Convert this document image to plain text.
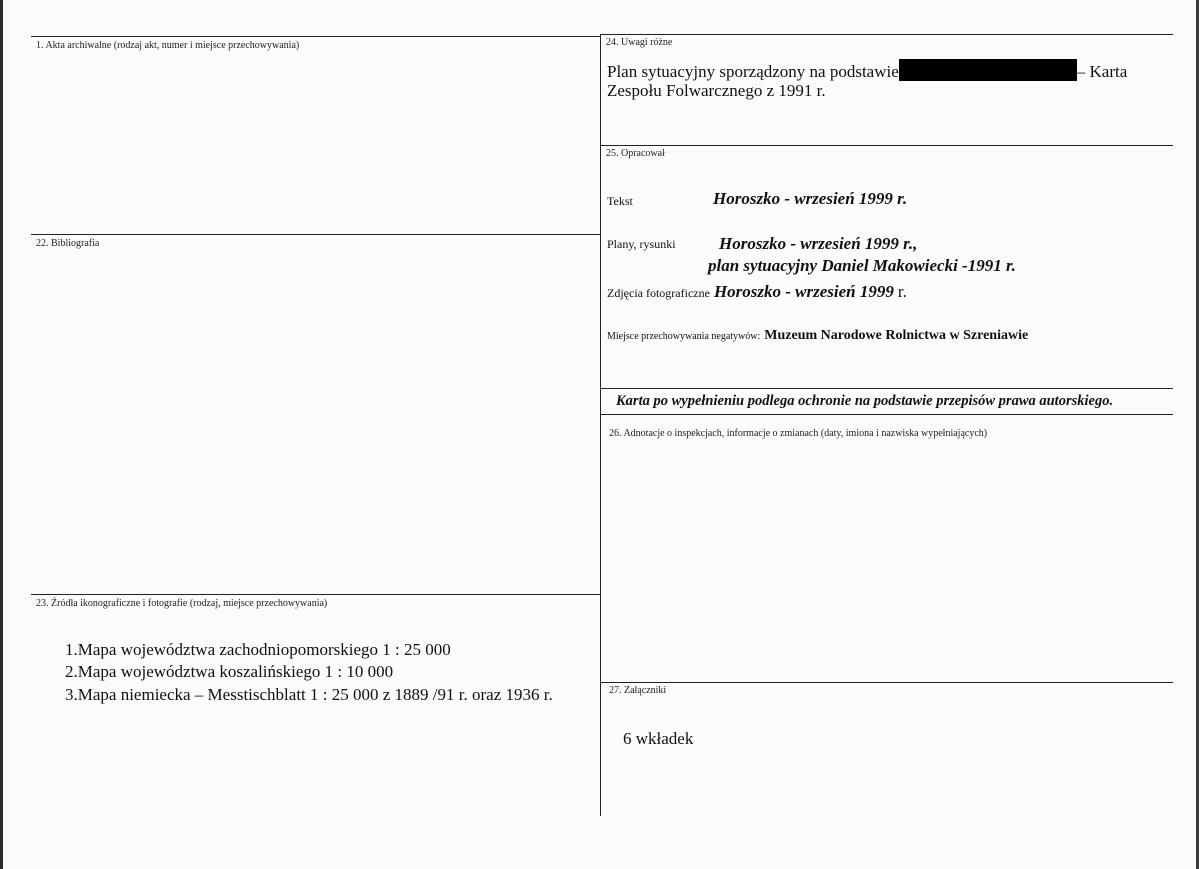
1. Akta archiwalne (rodzaj akt, numer i miejsce przechowywania)
22. Bibliografia
23. Źródła ikonograficzne i fotografie (rodzaj, miejsce przechowywania)
1.Mapa województwa zachodniopomorskiego 1 : 25 000
2.Mapa województwa koszalińskiego 1 : 10 000
3.Mapa niemiecka – Messtischblatt 1 : 25 000 z 1889 /91 r. oraz 1936 r.
24. Uwagi różne
Plan sytuacyjny sporządzony na podstawie	– Karta
Zespołu Folwarcznego z 1991 r.
25. Opracował
Tekst	Horoszko - wrzesień 1999 r.
Plany, rysunki	Horoszko - wrzesień 1999 r.,
plan sytuacyjny Daniel Makowiecki -1991 r.
Zdjęcia fotograficzne Horoszko - wrzesień 1999 r.
Miejsce przechowywania negatywów: Muzeum Narodowe Rolnictwa w Szreniawie
Karta po wypełnieniu podlega ochronie na podstawie przepisów prawa autorskiego.
26. Adnotacje o inspekcjach, informacje o zmianach (daty, imiona i nazwiska wypełniających)
27. Załączniki
6 wkładek
